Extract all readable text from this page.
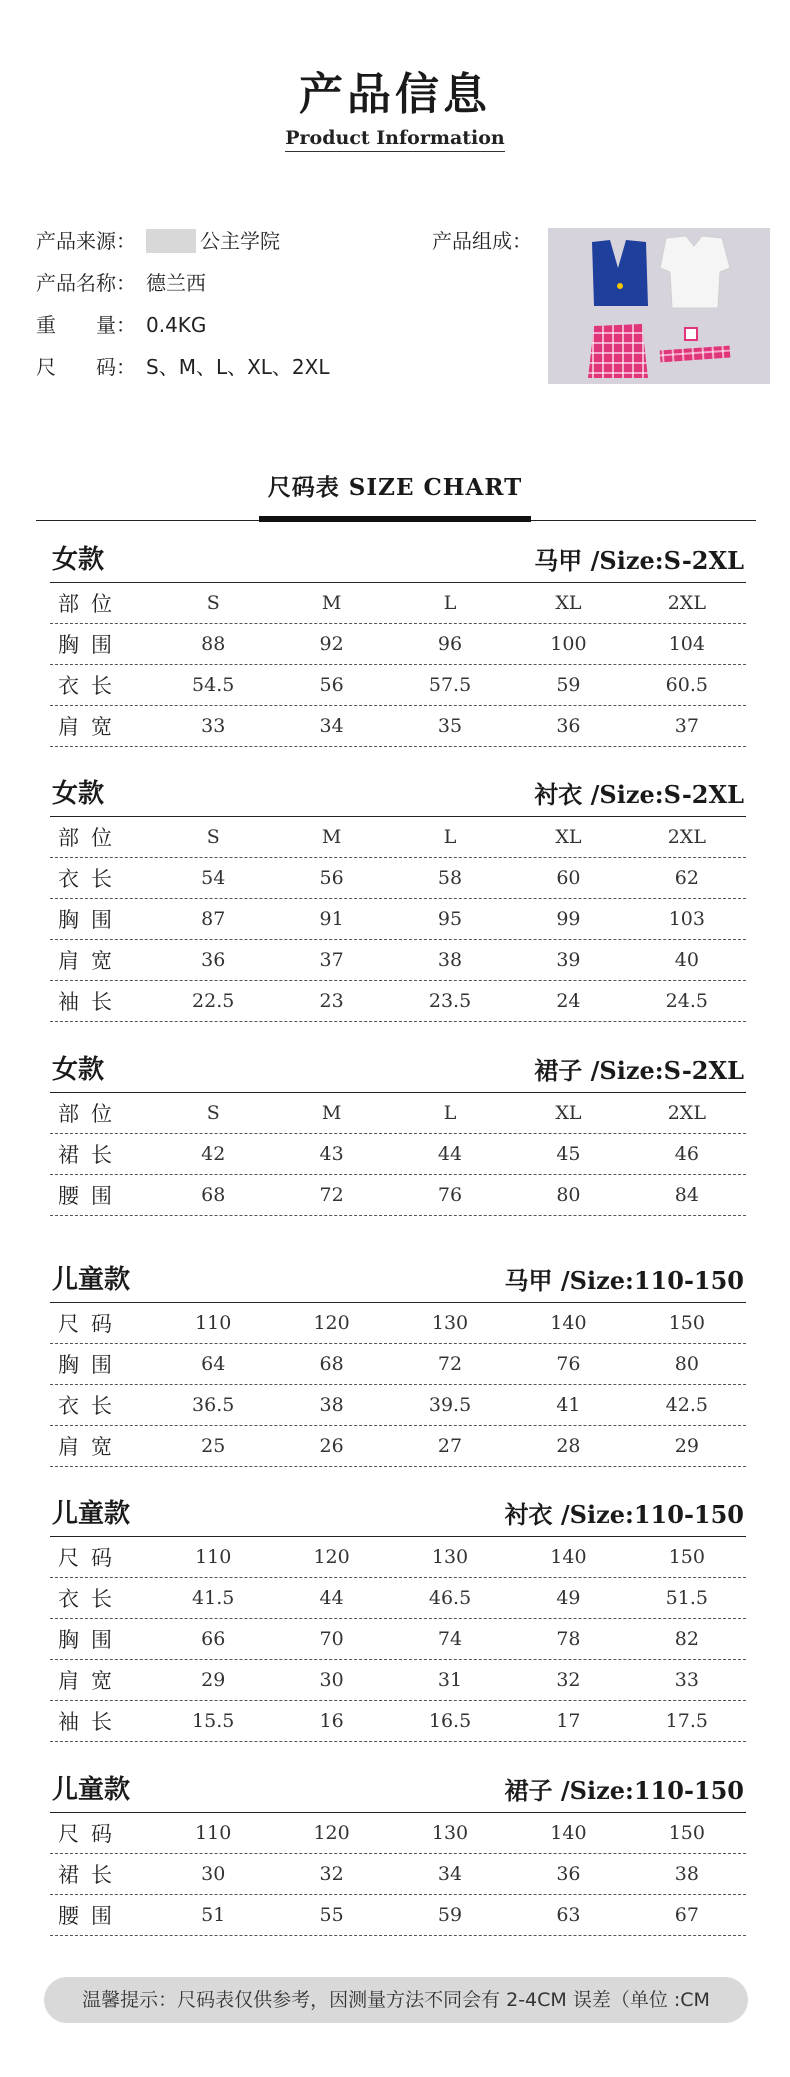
产品信息
Product Information
产品来源：	公主学院
产品名称： 德兰西
重　　量： 0.4KG
尺　　码： S、M、L、XL、2XL
产品组成：
尺码表 SIZE CHART
女款	马甲 /Size:S-2XL
部位	S	M	L	XL	2XL
胸围	88	92	96	100	104
衣长	54.5	56	57.5	59	60.5
肩宽	33	34	35	36	37
女款	衬衣 /Size:S-2XL
部位	S	M	L	XL	2XL
衣长	54	56	58	60	62
胸围	87	91	95	99	103
肩宽	36	37	38	39	40
袖长	22.5	23	23.5	24	24.5
女款	裙子 /Size:S-2XL
部位	S	M	L	XL	2XL
裙长	42	43	44	45	46
腰围	68	72	76	80	84
儿童款	马甲 /Size:110-150
尺码	110	120	130	140	150
胸围	64	68	72	76	80
衣长	36.5	38	39.5	41	42.5
肩宽	25	26	27	28	29
儿童款	衬衣 /Size:110-150
尺码	110	120	130	140	150
衣长	41.5	44	46.5	49	51.5
胸围	66	70	74	78	82
肩宽	29	30	31	32	33
袖长	15.5	16	16.5	17	17.5
儿童款	裙子 /Size:110-150
尺码	110	120	130	140	150
裙长	30	32	34	36	38
腰围	51	55	59	63	67
温馨提示：尺码表仅供参考，因测量方法不同会有 2-4CM 误差（单位 :CM
